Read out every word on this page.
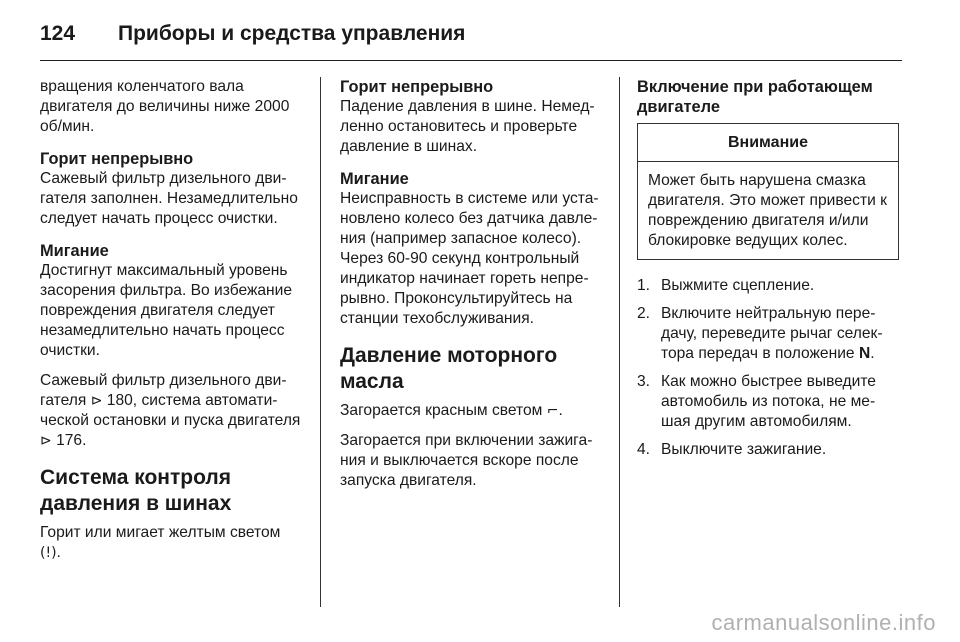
124	Приборы и средства управления

вращения коленчатого вала двигателя до величины ниже 2000 об/мин.

Горит непрерывно

Сажевый фильтр дизельного двигателя заполнен. Незамедлительно следует начать процесс очистки.

Мигание

Достигнут максимальный уровень засорения фильтра. Во избежание повреждения двигателя следует незамедлительно начать процесс очистки.

Сажевый фильтр дизельного двигателя ⊳ 180, система автоматической остановки и пуска двигателя ⊳ 176.

Система контроля давления в шинах

Горит или мигает желтым светом (!).

Горит непрерывно

Падение давления в шине. Немедленно остановитесь и проверьте давление в шинах.

Мигание

Неисправность в системе или установлено колесо без датчика давления (например запасное колесо). Через 60-90 секунд контрольный индикатор начинает гореть непрерывно. Проконсультируйтесь на станции техобслуживания.

Давление моторного масла

Загорается красным светом ⌐.

Загорается при включении зажигания и выключается вскоре после запуска двигателя.

Включение при работающем двигателе
Внимание
Может быть нарушена смазка двигателя. Это может привести к повреждению двигателя и/или блокировке ведущих колес.
1. Выжмите сцепление.
2. Включите нейтральную передачу, переведите рычаг селектора передач в положение N.
3. Как можно быстрее выведите автомобиль из потока, не мешая другим автомобилям.
4. Выключите зажигание.
carmanualsonline.info
